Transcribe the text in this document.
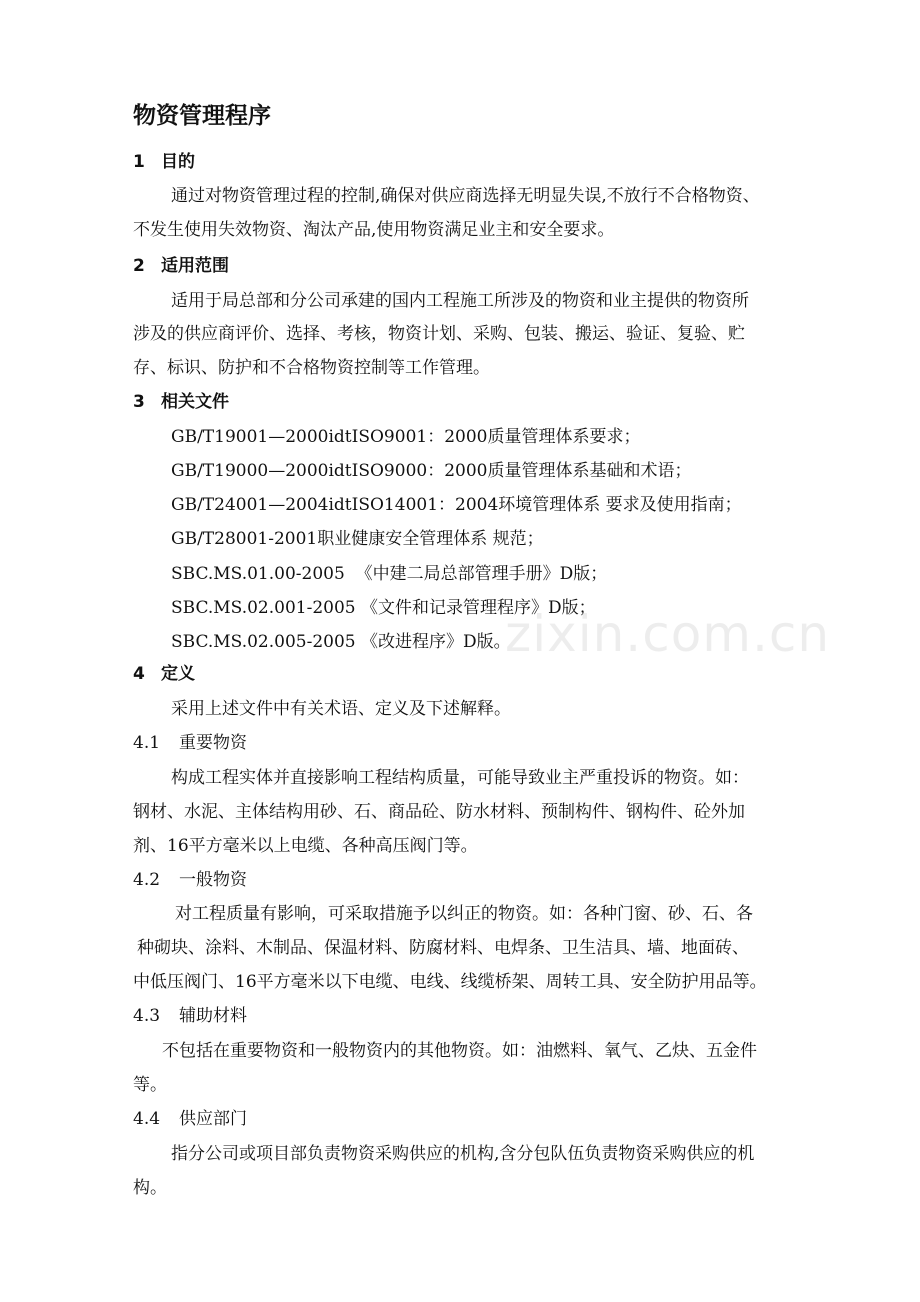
zixin.com.cn
物资管理程序
1 目的
通过对物资管理过程的控制,确保对供应商选择无明显失误,不放行不合格物资、
不发生使用失效物资、淘汰产品,使用物资满足业主和安全要求。
2 适用范围
适用于局总部和分公司承建的国内工程施工所涉及的物资和业主提供的物资所
涉及的供应商评价、选择、考核，物资计划、采购、包装、搬运、验证、复验、贮
存、标识、防护和不合格物资控制等工作管理。
3 相关文件
GB/T19001—2000idtISO9001：2000质量管理体系要求；
GB/T19000—2000idtISO9000：2000质量管理体系基础和术语；
GB/T24001—2004idtISO14001：2004环境管理体系 要求及使用指南；
GB/T28001-2001职业健康安全管理体系 规范；
SBC.MS.01.00-2005  《中建二局总部管理手册》D版；
SBC.MS.02.001-2005 《文件和记录管理程序》D版；
SBC.MS.02.005-2005 《改进程序》D版。
4 定义
采用上述文件中有关术语、定义及下述解释。
4.1 重要物资
构成工程实体并直接影响工程结构质量，可能导致业主严重投诉的物资。如：
钢材、水泥、主体结构用砂、石、商品砼、防水材料、预制构件、钢构件、砼外加
剂、16平方毫米以上电缆、各种高压阀门等。
4.2 一般物资
对工程质量有影响，可采取措施予以纠正的物资。如：各种门窗、砂、石、各
种砌块、涂料、木制品、保温材料、防腐材料、电焊条、卫生洁具、墙、地面砖、
中低压阀门、16平方毫米以下电缆、电线、线缆桥架、周转工具、安全防护用品等。
4.3 辅助材料
不包括在重要物资和一般物资内的其他物资。如：油燃料、氧气、乙炔、五金件
等。
4.4 供应部门
指分公司或项目部负责物资采购供应的机构,含分包队伍负责物资采购供应的机
构。
